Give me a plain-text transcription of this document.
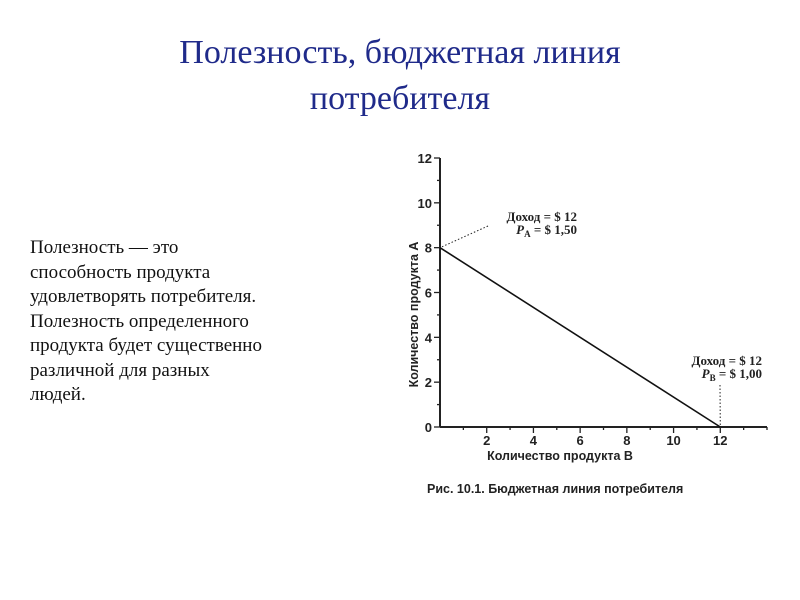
Полезность, бюджетная линия
потребителя
Полезность — это
способность продукта
удовлетворять потребителя.
Полезность определенного
продукта будет существенно
различной для разных
людей.
0
2
4
6
8
10
12
2	4	6	8	10 12
Количество продукта В
Количество продукта А
Доход = $ 12
$P_A$ = $ 1,50
Доход = $ 12
$P_B$ = $ 1,00
Рис. 10.1. Бюджетная линия потребителя
